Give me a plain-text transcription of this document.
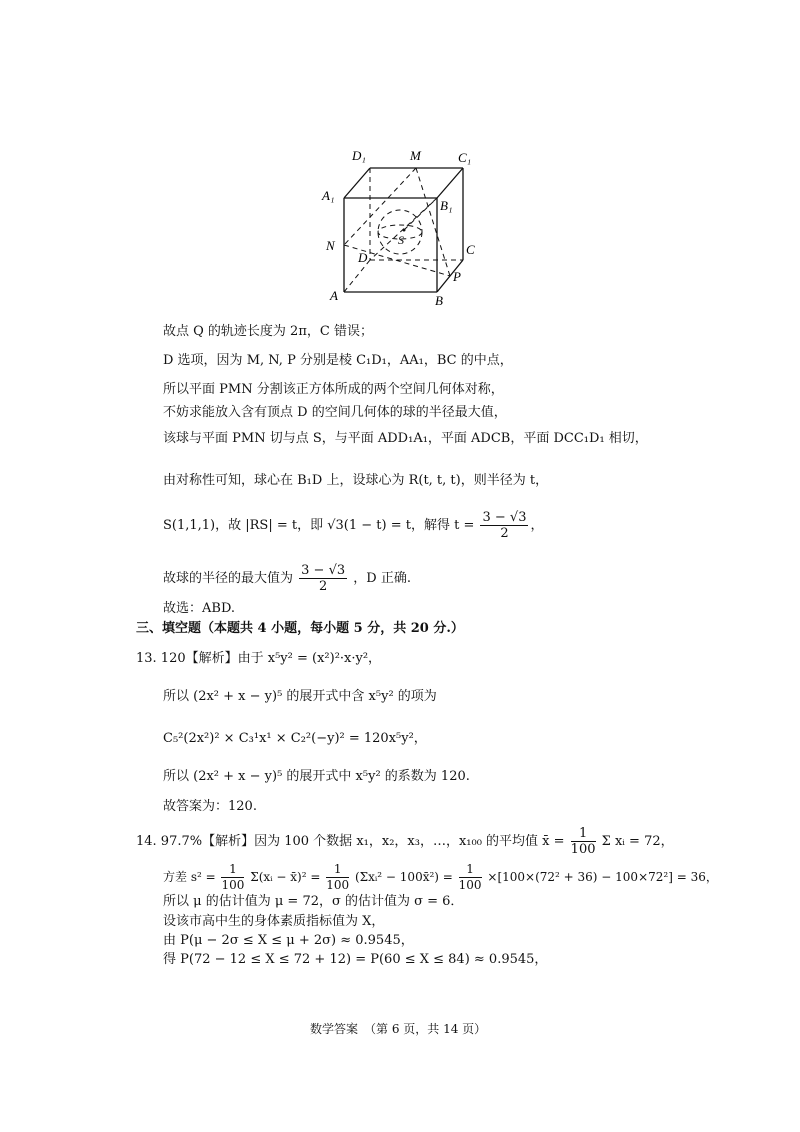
D₁	M	C₁
A₁
B₁
N	S
D
C
P
A	B
故点 Q 的轨迹长度为 2π，C 错误；
D 选项，因为 M, N, P 分别是棱 C₁D₁，AA₁，BC 的中点，
所以平面 PMN 分割该正方体所成的两个空间几何体对称，
不妨求能放入含有顶点 D 的空间几何体的球的半径最大值，
该球与平面 PMN 切与点 S，与平面 ADD₁A₁，平面 ADCB，平面 DCC₁D₁ 相切，
由对称性可知，球心在 B₁D 上，设球心为 R(t, t, t)，则半径为 t，
S(1,1,1)，故 |RS| = t，即 √3(1 − t) = t，解得 $t = \frac{3 - √3}{2}$ ，
故球的半径的最大值为 $\frac{3 - √3}{2}$ ，D 正确.
故选：ABD.
三、填空题（本题共 4 小题，每小题 5 分，共 20 分.）
13. 120【解析】由于 x⁵y² = (x²)²·x·y²，
所以 (2x² + x − y)⁵ 的展开式中含 x⁵y² 的项为
C₅²(2x²)² × C₃¹x¹ × C₂²(−y)² = 120x⁵y²，
所以 (2x² + x − y)⁵ 的展开式中 x⁵y² 的系数为 120.
故答案为：120.
14. 97.7%【解析】因为 100 个数据 x₁，x₂，x₃，…，x₁₀₀ 的平均值 x̄ = $\frac{1}{100}$ Σ xᵢ = 72，
方差 $s^2 = \frac{1}{100}$ Σ(xᵢ − x̄)² = $\frac{1}{100}$ (Σxᵢ² − 100x̄²) = $\frac{1}{100} \times[100\times(72^2 + 36) - 100\times 72^2] = 36$，
所以 μ 的估计值为 μ = 72，σ 的估计值为 σ = 6．
设该市高中生的身体素质指标值为 X，
由 P(μ − 2σ ≤ X ≤ μ + 2σ) ≈ 0.9545，
得 P(72 − 12 ≤ X ≤ 72 + 12) = P(60 ≤ X ≤ 84) ≈ 0.9545，
数学答案　（第 6 页，共 14 页）
